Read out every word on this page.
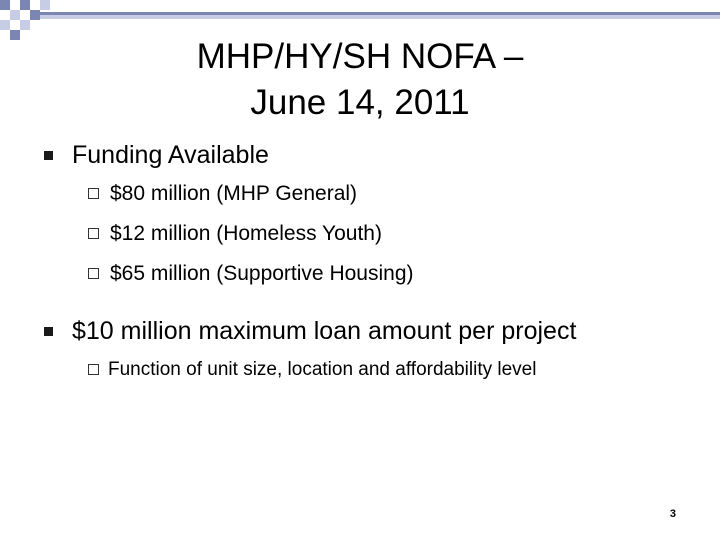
MHP/HY/SH NOFA –
June 14, 2011
Funding Available
$80 million (MHP General)
$12 million (Homeless Youth)
$65 million (Supportive Housing)
$10 million maximum loan amount per project
Function of unit size, location and affordability level
3
